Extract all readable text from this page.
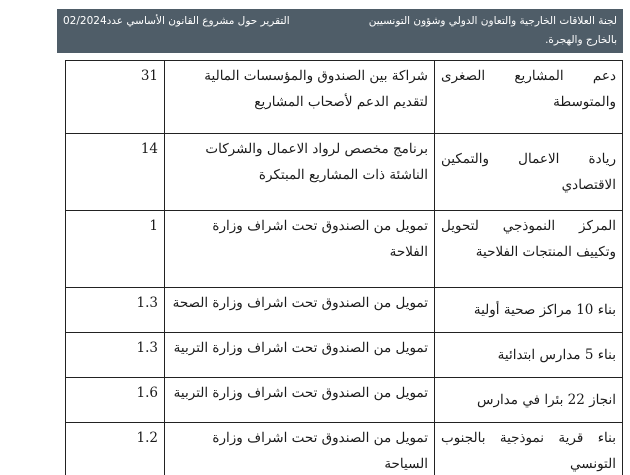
لجنة العلاقات الخارجية والتعاون الدولي وشؤون التونسيين بالخارج والهجرة.
التقرير حول مشروع القانون الأساسي عدد02/2024
دعم المشاريع الصغرى والمتوسطة	شراكة بين الصندوق والمؤسسات المالية لتقديم الدعم لأصحاب المشاريع	31
ريادة الاعمال والتمكين الاقتصادي	برنامج مخصص لرواد الاعمال والشركات الناشئة ذات المشاريع المبتكرة	14
المركز النموذجي لتحويل وتكييف المنتجات الفلاحية	تمويل من الصندوق تحت اشراف وزارة الفلاحة	1
بناء 10 مراكز صحية أولية	تمويل من الصندوق تحت اشراف وزارة الصحة	1.3
بناء 5 مدارس ابتدائية	تمويل من الصندوق تحت اشراف وزارة التربية	1.3
انجاز 22 بئرا في مدارس	تمويل من الصندوق تحت اشراف وزارة التربية	1.6
بناء قرية نموذجية بالجنوب التونسي	تمويل من الصندوق تحت اشراف وزارة السياحة	1.2
